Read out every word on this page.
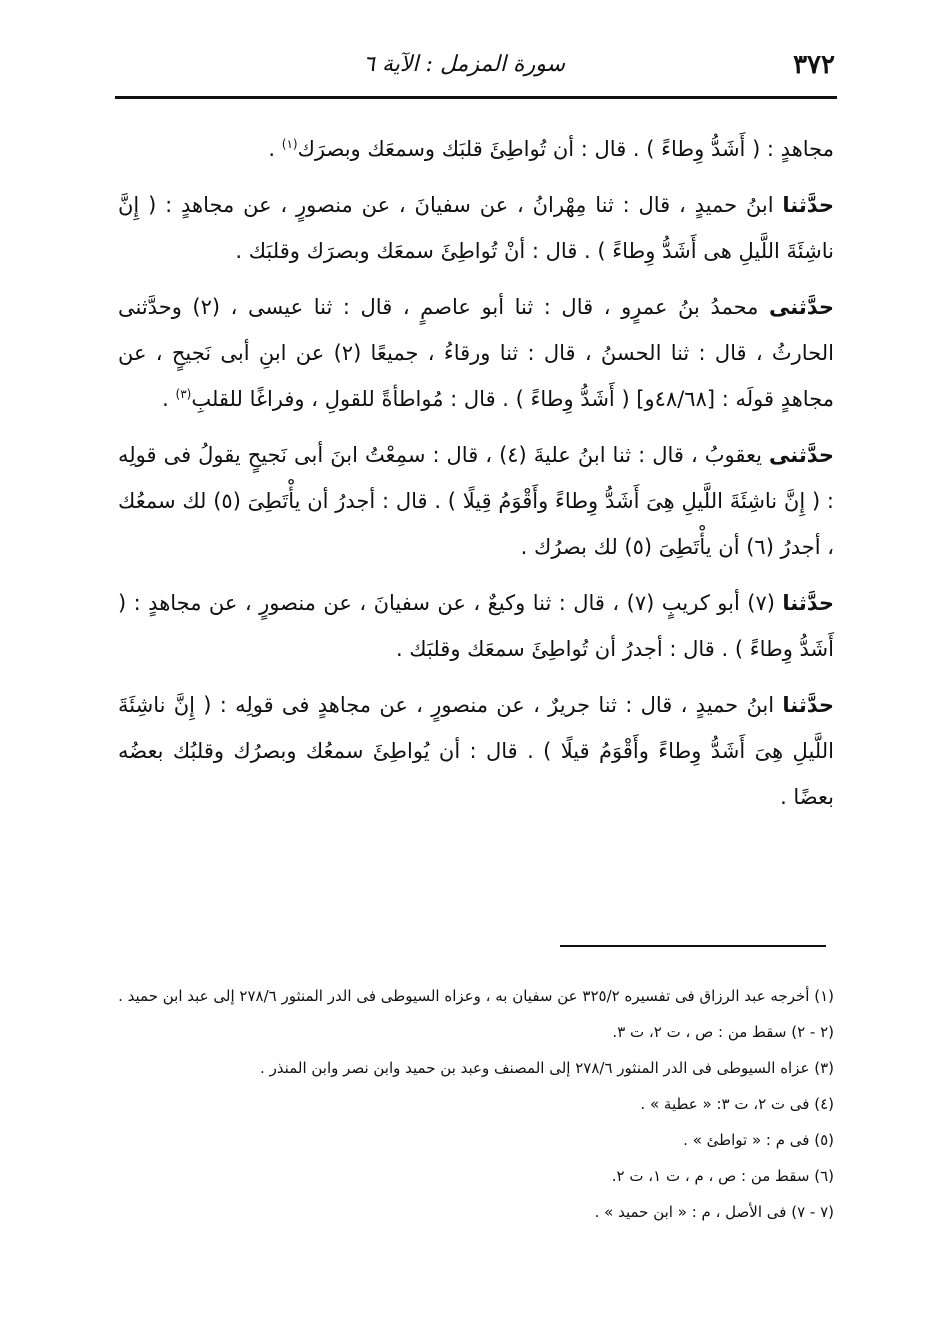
٣٧٢
سورة المزمل : الآية ٦

مجاهدٍ : ( أَشَدُّ وِطاءً ) . قال : أن تُواطِئَ قلبَك وسمعَك وبصرَك$^{(١)}$ .

حدَّثنا ابنُ حميدٍ ، قال : ثنا مِهْرانُ ، عن سفيانَ ، عن منصورٍ ، عن مجاهدٍ : ( إِنَّ ناشِئَةَ اللَّيلِ هى أَشَدُّ وِطاءً ) . قال : أنْ تُواطِئَ سمعَك وبصرَك وقلبَك .

حدَّثنى محمدُ بنُ عمرٍو ، قال : ثنا أبو عاصمٍ ، قال : ثنا عيسى ، (٢) وحدَّثنى الحارثُ ، قال : ثنا الحسنُ ، قال : ثنا ورقاءُ ، جميعًا (٢) عن ابنِ أبى نَجيحٍ ، عن مجاهدٍ قولَه : [٤٨/٦٨و] ( أَشَدُّ وِطاءً ) . قال : مُواطأةً للقولِ ، وفراغًا للقلبِ$^{(٣)}$ .

حدَّثنى يعقوبُ ، قال : ثنا ابنُ عليةَ (٤) ، قال : سمِعْتُ ابنَ أبى نَجيحٍ يقولُ فى قولِه : ( إِنَّ ناشِئَةَ اللَّيلِ هِىَ أَشَدُّ وِطاءً وأَقْوَمُ قِيلًا ) . قال : أجدرُ أن يأْتَطِىَ (٥) لك سمعُك ، أجدرُ (٦) أن يأْتَطِىَ (٥) لك بصرُك .

حدَّثنا (٧) أبو كريبٍ (٧) ، قال : ثنا وكيعٌ ، عن سفيانَ ، عن منصورٍ ، عن مجاهدٍ : ( أَشَدُّ وِطاءً ) . قال : أجدرُ أن تُواطِئَ سمعَك وقلبَك .

حدَّثنا ابنُ حميدٍ ، قال : ثنا جريرٌ ، عن منصورٍ ، عن مجاهدٍ فى قولِه : ( إِنَّ ناشِئَةَ اللَّيلِ هِىَ أَشَدُّ وِطاءً وأَقْوَمُ قيلًا ) . قال : أن يُواطِئَ سمعُك وبصرُك وقلبُك بعضُه بعضًا .

(١) أخرجه عبد الرزاق فى تفسيره ٣٢٥/٢ عن سفيان به ، وعزاه السيوطى فى الدر المنثور ٢٧٨/٦ إلى عبد ابن حميد .

(٢ - ٢) سقط من : ص ، ت ٢، ت ٣.

(٣) عزاه السيوطى فى الدر المنثور ٢٧٨/٦ إلى المصنف وعبد بن حميد وابن نصر وابن المنذر .

(٤) فى ت ٢، ت ٣: « عطية » .

(٥) فى م : « تواطئ » .

(٦) سقط من : ص ، م ، ت ١، ت ٢.

(٧ - ٧) فى الأصل ، م : « ابن حميد » .
